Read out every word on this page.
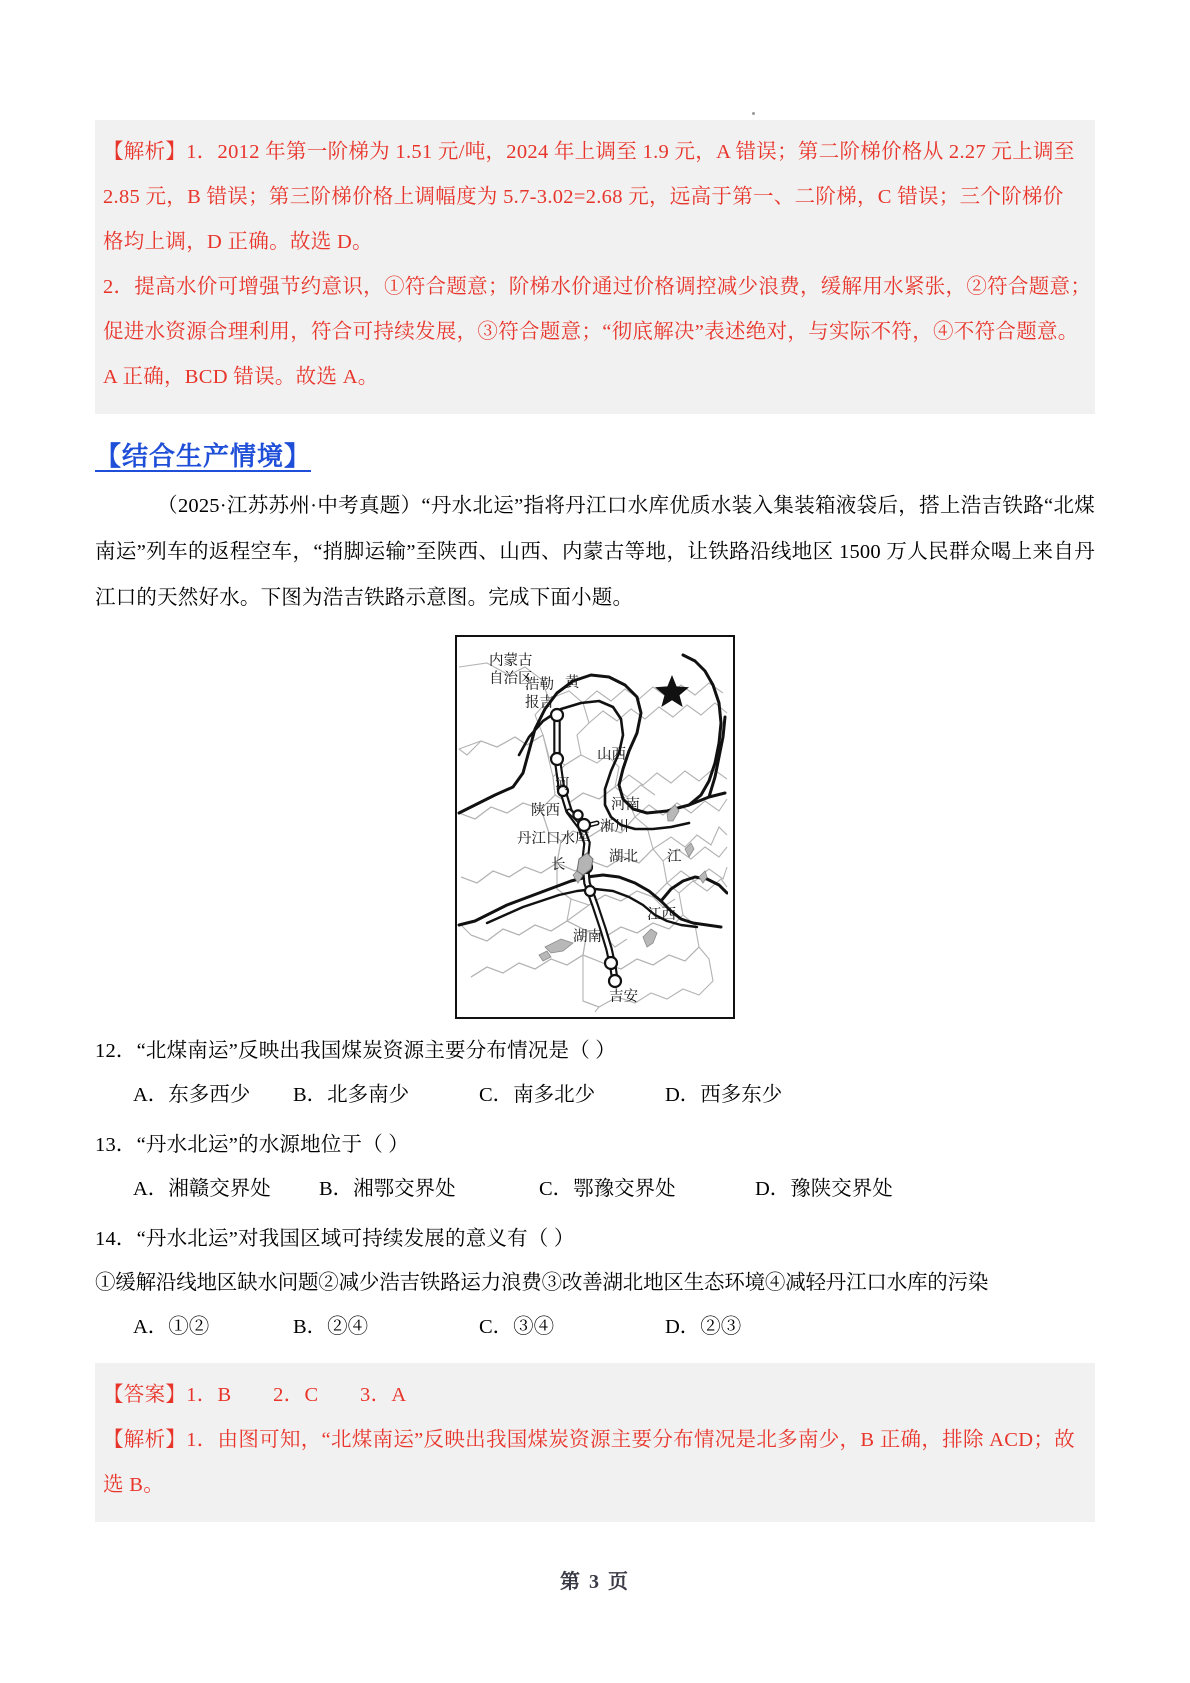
【解析】1．2012 年第一阶梯为 1.51 元/吨，2024 年上调至 1.9 元，A 错误；第二阶梯价格从 2.27 元上调至
2.85 元，B 错误；第三阶梯价格上调幅度为 5.7-3.02=2.68 元，远高于第一、二阶梯，C 错误；三个阶梯价
格均上调，D 正确。故选 D。
2．提高水价可增强节约意识，①符合题意；阶梯水价通过价格调控减少浪费，缓解用水紧张，②符合题意；
促进水资源合理利用，符合可持续发展，③符合题意；“彻底解决”表述绝对，与实际不符，④不符合题意。
A 正确，BCD 错误。故选 A。
【结合生产情境】
（2025·江苏苏州·中考真题）“丹水北运”指将丹江口水库优质水装入集装箱液袋后，搭上浩吉铁路“北煤南运”列车的返程空车，“捎脚运输”至陕西、山西、内蒙古等地，让铁路沿线地区 1500 万人民群众喝上来自丹江口的天然好水。下图为浩吉铁路示意图。完成下面小题。
内蒙古
自治区
浩勒
报吉
黄
山西
河
陕西	河南
丹江口水库
淅川
长	湖北 江
江西
湖南
吉安
12．“北煤南运”反映出我国煤炭资源主要分布情况是（ ）
A．东多西少	B．北多南少	C．南多北少	D．西多东少
13．“丹水北运”的水源地位于（ ）
A．湘赣交界处	B．湘鄂交界处	C．鄂豫交界处	D．豫陕交界处
14．“丹水北运”对我国区域可持续发展的意义有（ ）
①缓解沿线地区缺水问题②减少浩吉铁路运力浪费③改善湖北地区生态环境④减轻丹江口水库的污染
A．①②	B．②④	C．③④	D．②③
【答案】1．B　　2．C　　3．A
【解析】1．由图可知，“北煤南运”反映出我国煤炭资源主要分布情况是北多南少，B 正确，排除 ACD；故
选 B。
第 3 页
